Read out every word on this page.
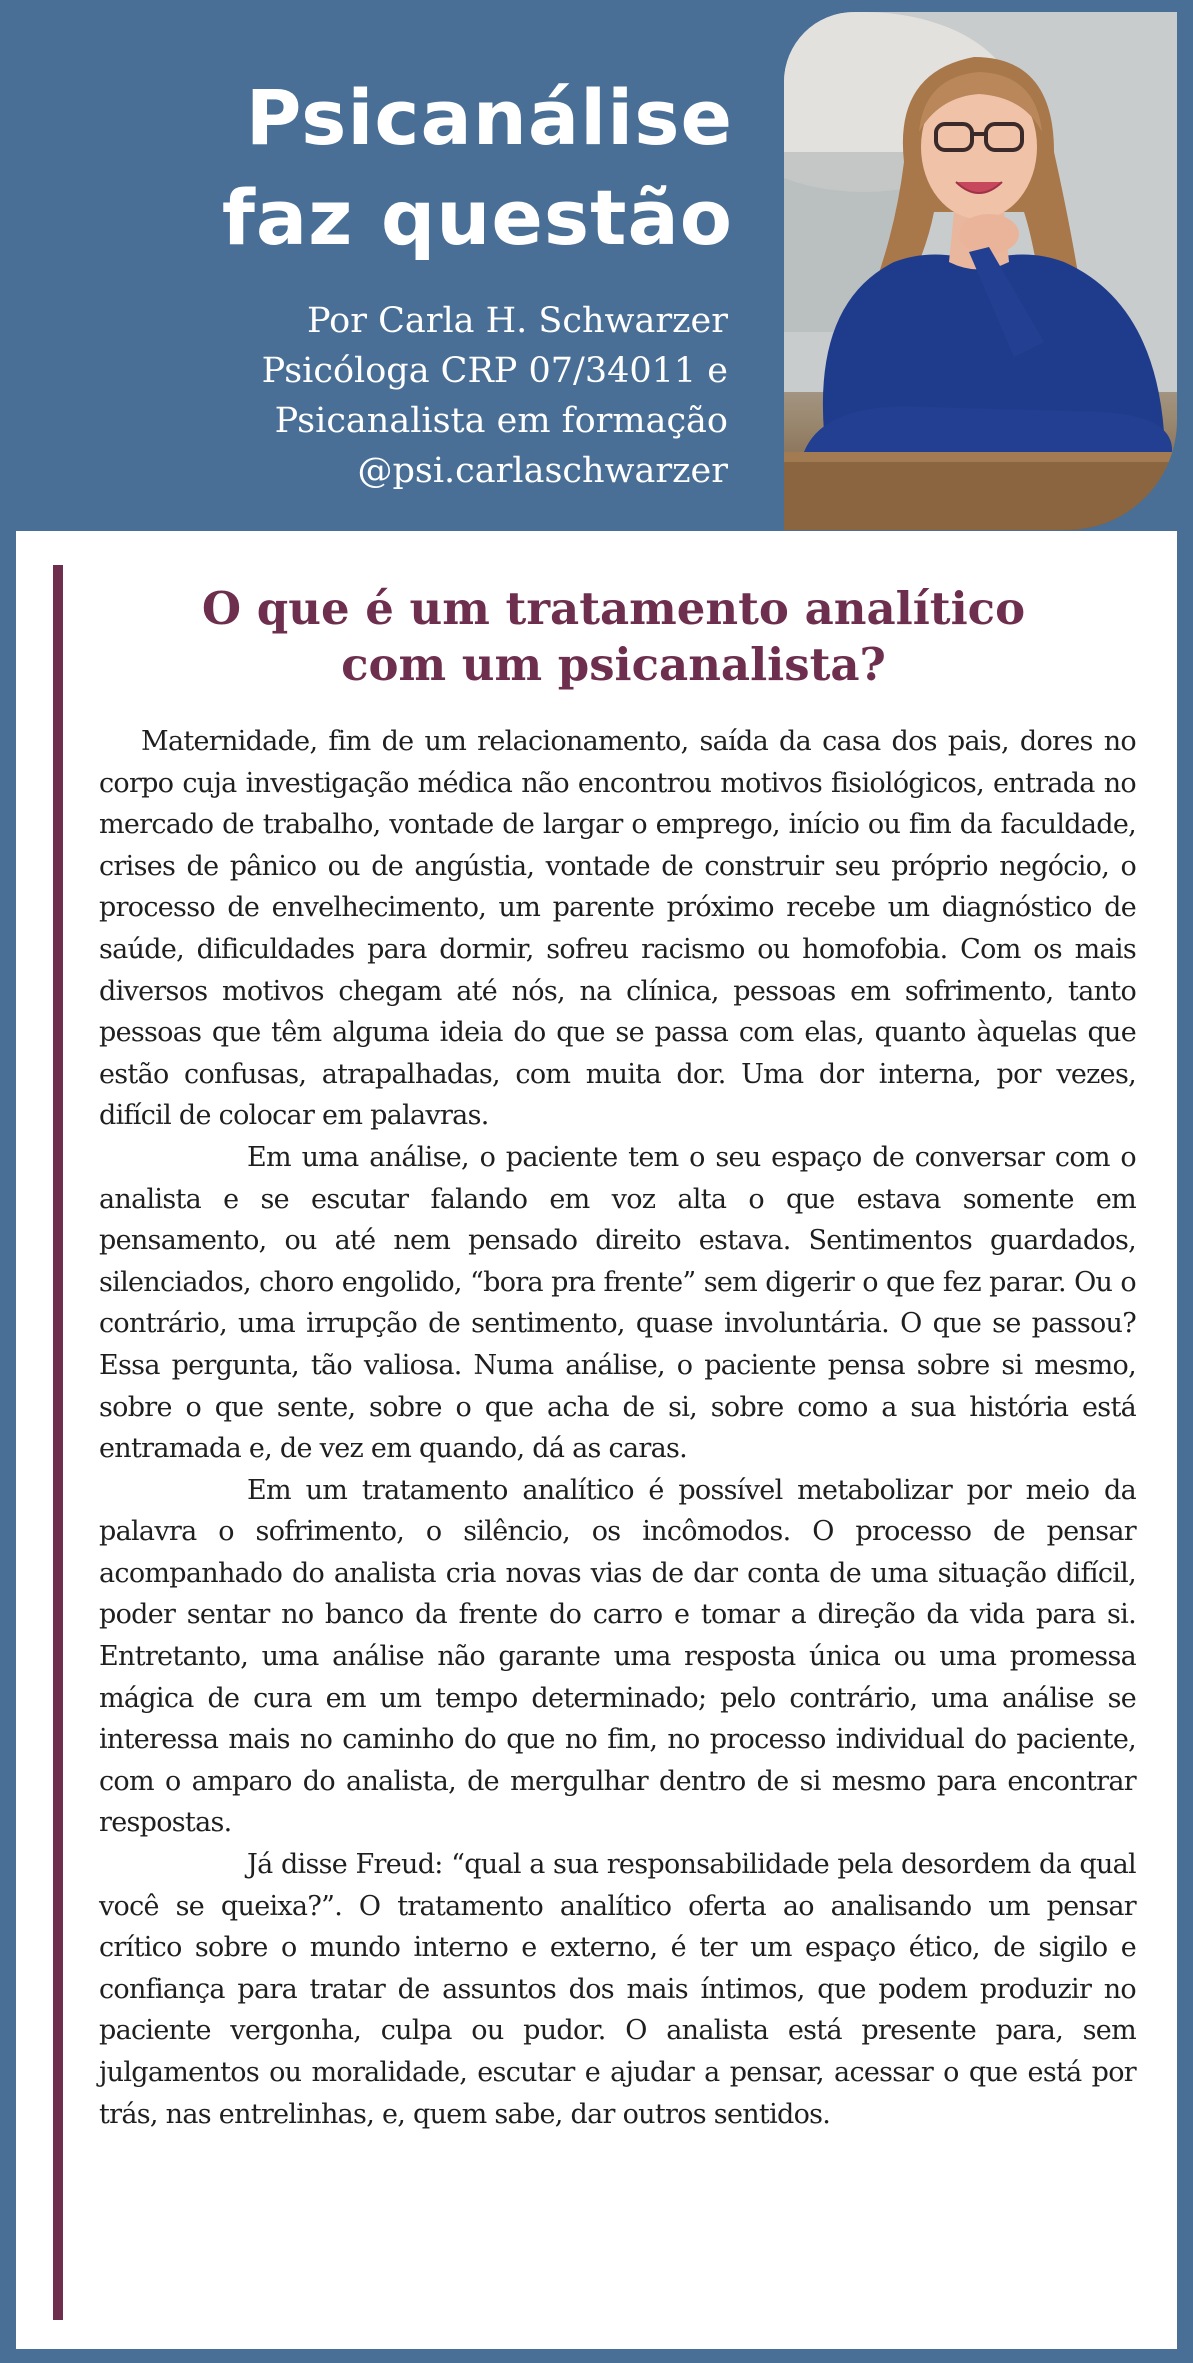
Psicanálise
faz questão
Por Carla H. Schwarzer
Psicóloga CRP 07/34011 e
Psicanalista em formação
@psi.carlaschwarzer
O que é um tratamento analítico
com um psicanalista?

Maternidade, fim de um relacionamento, saída da casa dos pais, dores no corpo cuja investigação médica não encontrou motivos fisiológicos, entrada no mercado de trabalho, vontade de largar o emprego, início ou fim da faculdade, crises de pânico ou de angústia, vontade de construir seu próprio negócio, o processo de envelhecimento, um parente próximo recebe um diagnóstico de saúde, dificuldades para dormir, sofreu racismo ou homofobia. Com os mais diversos motivos chegam até nós, na clínica, pessoas em sofrimento, tanto pessoas que têm alguma ideia do que se passa com elas, quanto àquelas que estão confusas, atrapalhadas, com muita dor. Uma dor interna, por vezes, difícil de colocar em palavras.

Em uma análise, o paciente tem o seu espaço de conversar com o analista e se escutar falando em voz alta o que estava somente em pensamento, ou até nem pensado direito estava. Sentimentos guardados, silenciados, choro engolido, “bora pra frente” sem digerir o que fez parar. Ou o contrário, uma irrupção de sentimento, quase involuntária. O que se passou? Essa pergunta, tão valiosa. Numa análise, o paciente pensa sobre si mesmo, sobre o que sente, sobre o que acha de si, sobre como a sua história está entramada e, de vez em quando, dá as caras.

Em um tratamento analítico é possível metabolizar por meio da palavra o sofrimento, o silêncio, os incômodos. O processo de pensar acompanhado do analista cria novas vias de dar conta de uma situação difícil, poder sentar no banco da frente do carro e tomar a direção da vida para si. Entretanto, uma análise não garante uma resposta única ou uma promessa mágica de cura em um tempo determinado; pelo contrário, uma análise se interessa mais no caminho do que no fim, no processo individual do paciente, com o amparo do analista, de mergulhar dentro de si mesmo para encontrar respostas.

Já disse Freud: “qual a sua responsabilidade pela desordem da qual você se queixa?”. O tratamento analítico oferta ao analisando um pensar crítico sobre o mundo interno e externo, é ter um espaço ético, de sigilo e confiança para tratar de assuntos dos mais íntimos, que podem produzir no paciente vergonha, culpa ou pudor. O analista está presente para, sem julgamentos ou moralidade, escutar e ajudar a pensar, acessar o que está por trás, nas entrelinhas, e, quem sabe, dar outros sentidos.
